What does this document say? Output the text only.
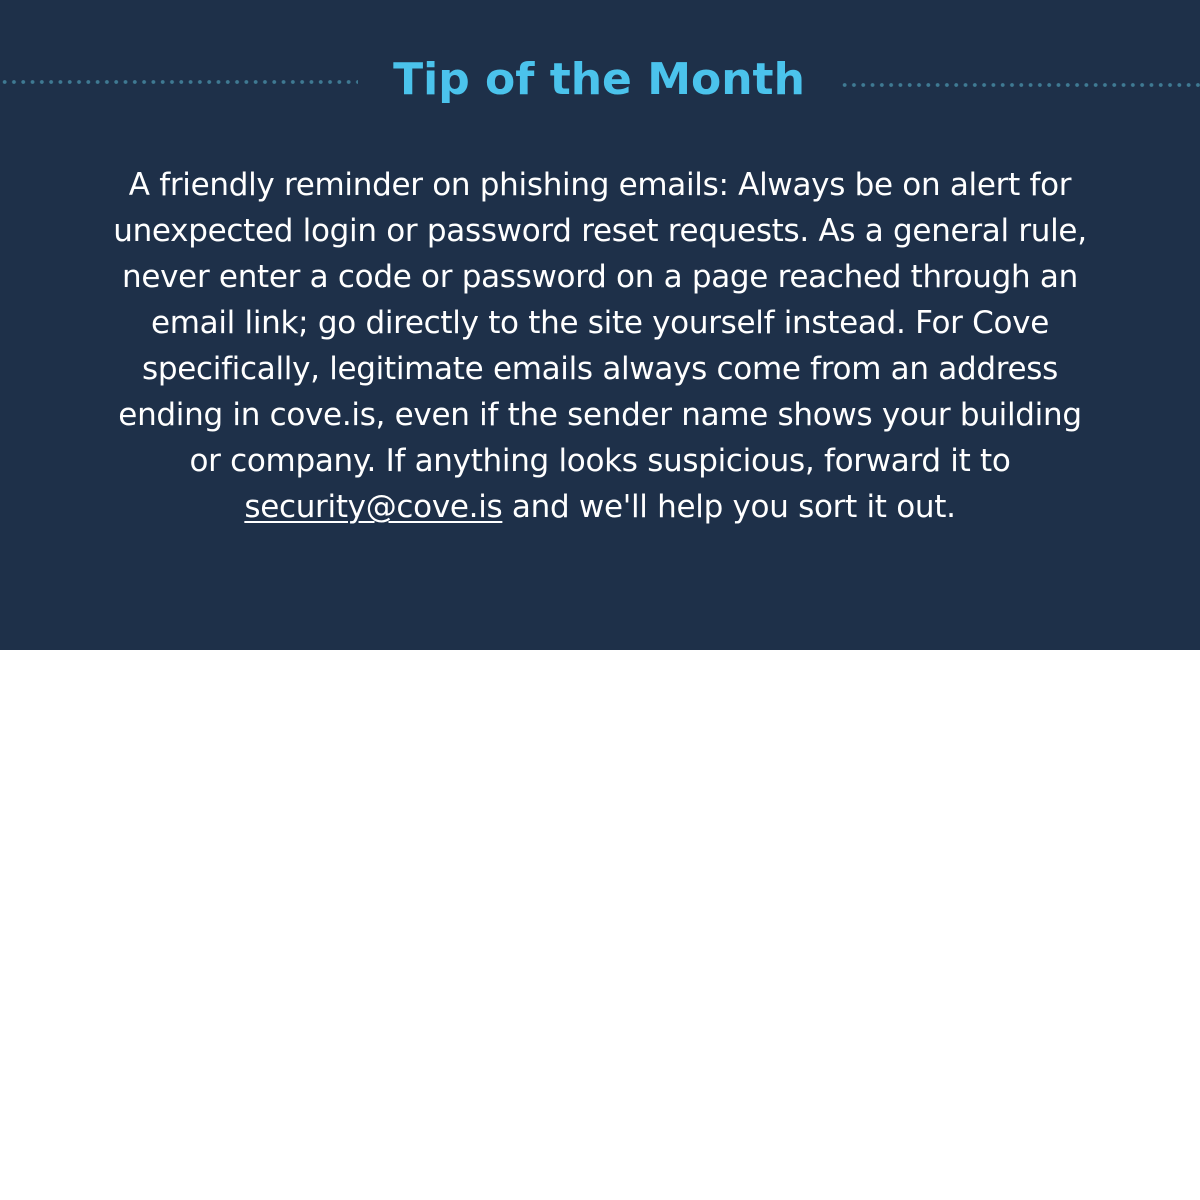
Tip of the Month

A friendly reminder on phishing emails: Always be on alert for
unexpected login or password reset requests. As a general rule,
never enter a code or password on a page reached through an
email link; go directly to the site yourself instead. For Cove
specifically, legitimate emails always come from an address
ending in cove.is, even if the sender name shows your building
or company. If anything looks suspicious, forward it to
security@cove.is and we'll help you sort it out.
